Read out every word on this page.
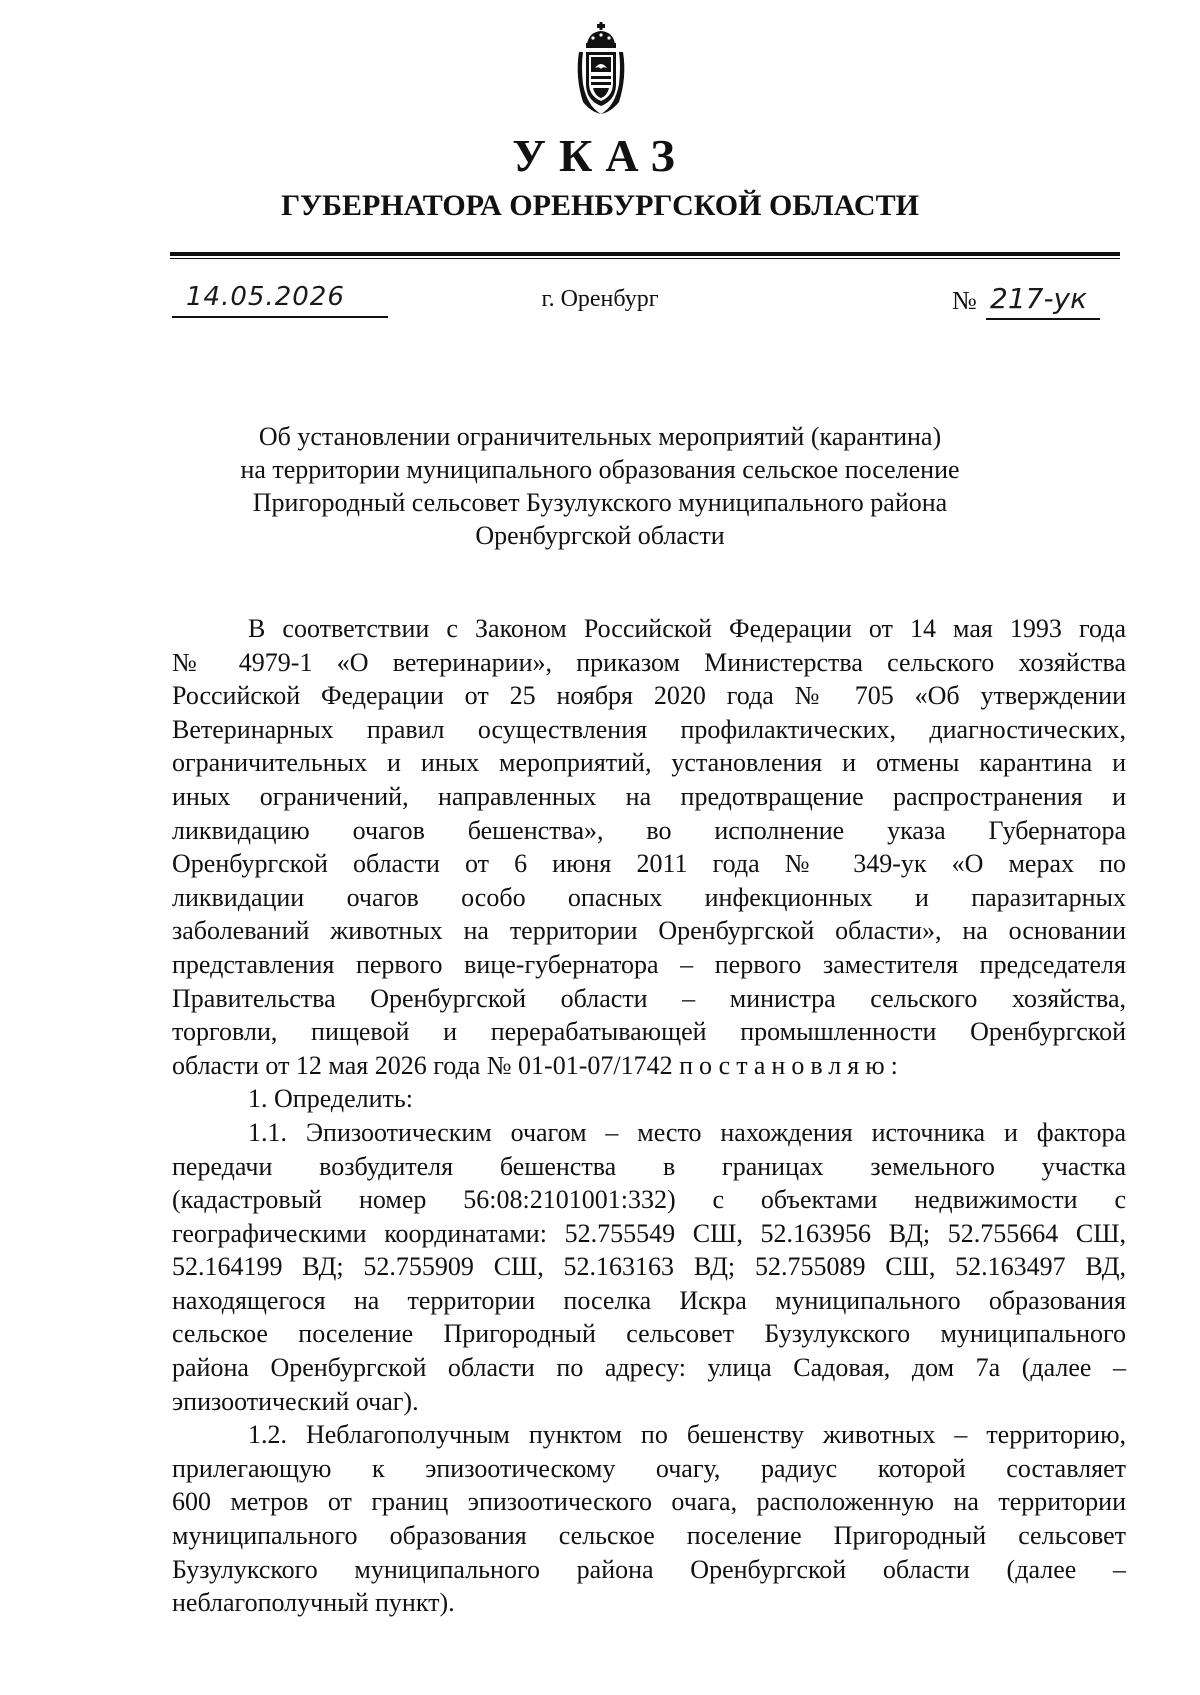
УКАЗ
ГУБЕРНАТОРА ОРЕНБУРГСКОЙ ОБЛАСТИ
14.05.2026	г. Оренбург	№ 217-ук
Об установлении ограничительных мероприятий (карантина)
на территории муниципального образования сельское поселение
Пригородный сельсовет Бузулукского муниципального района
Оренбургской области
В соответствии с Законом Российской Федерации от 14 мая 1993 года
№ 4979-1 «О ветеринарии», приказом Министерства сельского хозяйства
Российской Федерации от 25 ноября 2020 года № 705 «Об утверждении
Ветеринарных правил осуществления профилактических, диагностических,
ограничительных и иных мероприятий, установления и отмены карантина и
иных ограничений, направленных на предотвращение распространения и
ликвидацию очагов бешенства», во исполнение указа Губернатора
Оренбургской области от 6 июня 2011 года № 349-ук «О мерах по
ликвидации очагов особо опасных инфекционных и паразитарных
заболеваний животных на территории Оренбургской области», на основании
представления первого вице-губернатора – первого заместителя председателя
Правительства Оренбургской области – министра сельского хозяйства,
торговли, пищевой и перерабатывающей промышленности Оренбургской
области от 12 мая 2026 года № 01-01-07/1742 постановляю:
1. Определить:
1.1. Эпизоотическим очагом – место нахождения источника и фактора
передачи возбудителя бешенства в границах земельного участка
(кадастровый номер 56:08:2101001:332) с объектами недвижимости с
географическими координатами: 52.755549 СШ, 52.163956 ВД; 52.755664 СШ,
52.164199 ВД; 52.755909 СШ, 52.163163 ВД; 52.755089 СШ, 52.163497 ВД,
находящегося на территории поселка Искра муниципального образования
сельское поселение Пригородный сельсовет Бузулукского муниципального
района Оренбургской области по адресу: улица Садовая, дом 7а (далее –
эпизоотический очаг).
1.2. Неблагополучным пунктом по бешенству животных – территорию,
прилегающую к эпизоотическому очагу, радиус которой составляет
600 метров от границ эпизоотического очага, расположенную на территории
муниципального образования сельское поселение Пригородный сельсовет
Бузулукского муниципального района Оренбургской области (далее –
неблагополучный пункт).
